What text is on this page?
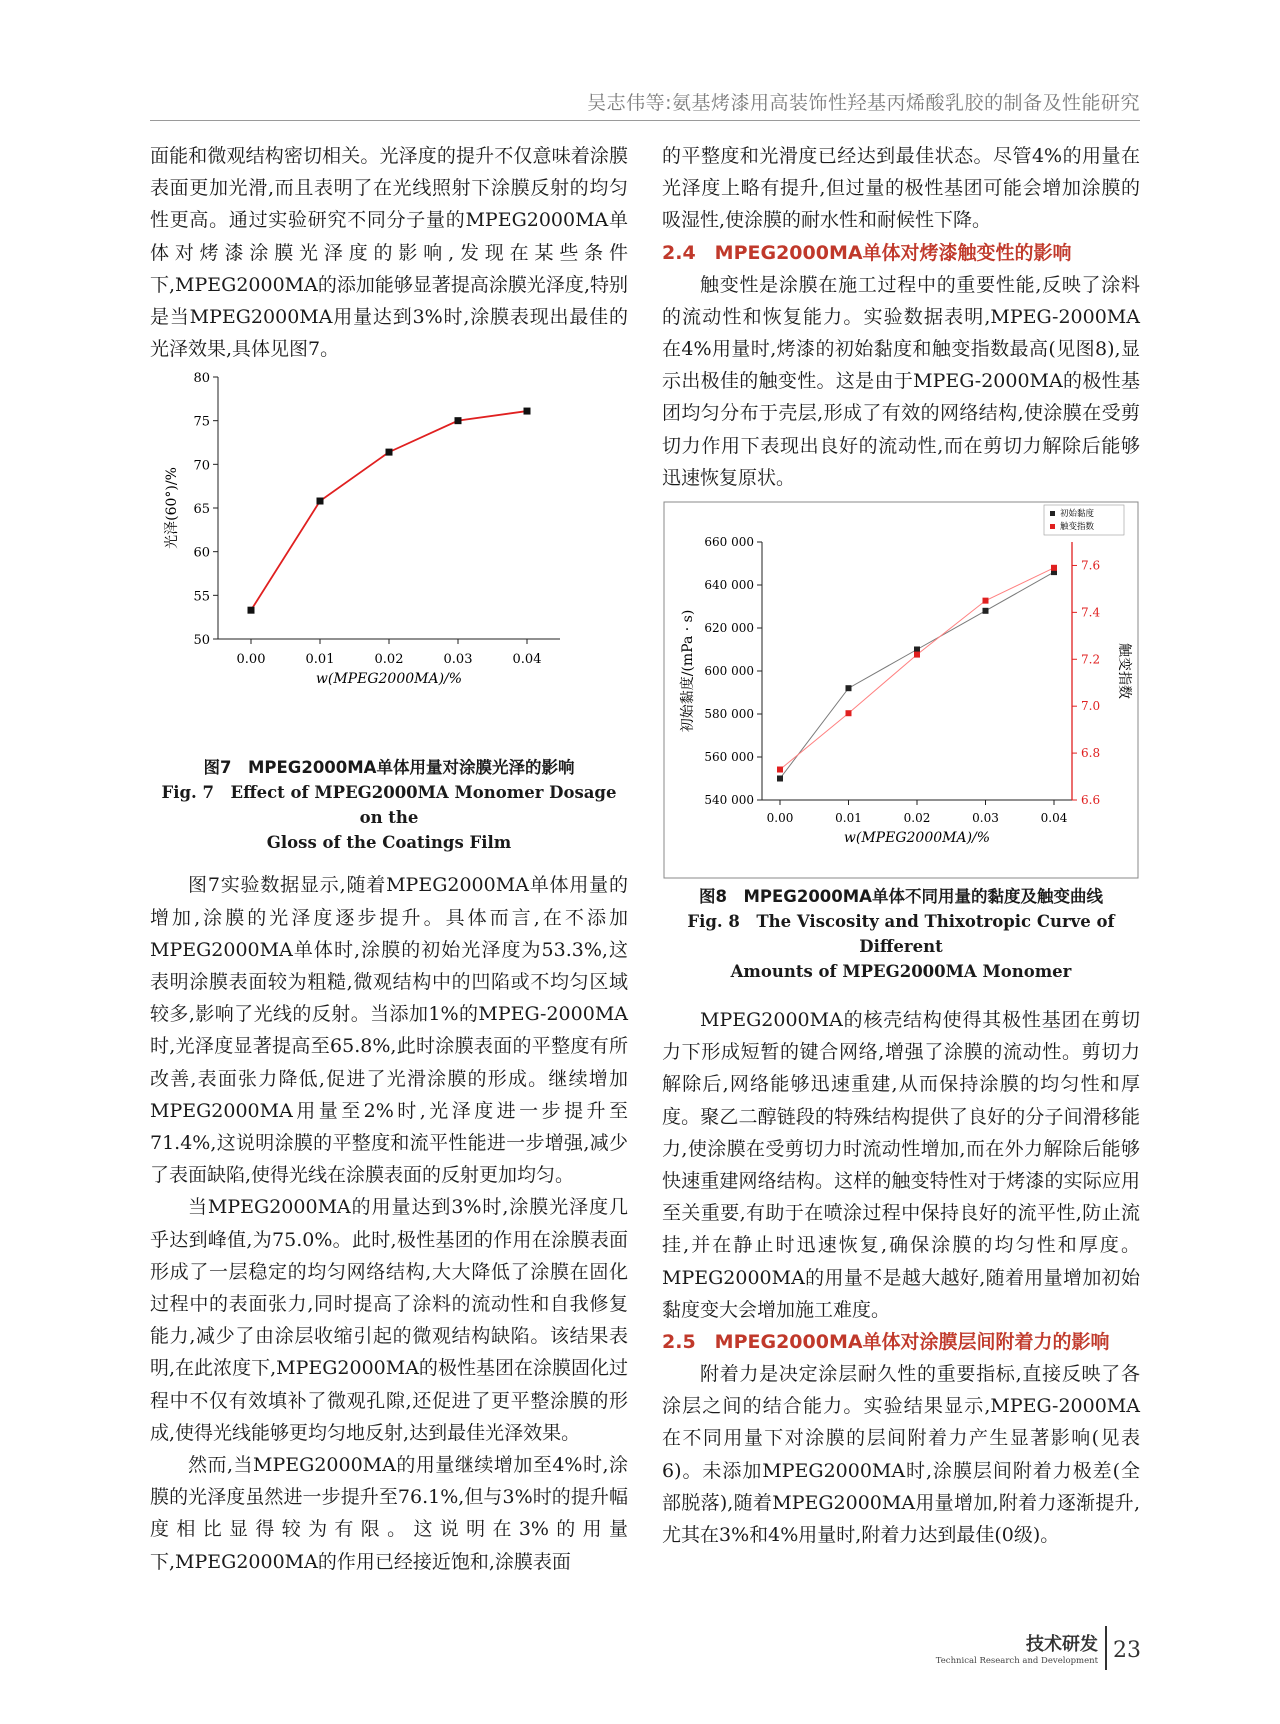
吴志伟等:氨基烤漆用高装饰性羟基丙烯酸乳胶的制备及性能研究

面能和微观结构密切相关。光泽度的提升不仅意味着涂膜表面更加光滑,而且表明了在光线照射下涂膜反射的均匀性更高。通过实验研究不同分子量的MPEG2000MA单体对烤漆涂膜光泽度的影响,发现在某些条件下,MPEG2000MA的添加能够显著提高涂膜光泽度,特别是当MPEG2000MA用量达到3%时,涂膜表现出最佳的光泽效果,具体见图7。

50
55
60
65
70
75
80
0.00	0.01	0.02	0.03	0.04
w(MPEG2000MA)/%
光泽(60°)/%
图7　MPEG2000MA单体用量对涂膜光泽的影响
Fig. 7　Effect of MPEG2000MA Monomer Dosage on the
Gloss of the Coatings Film

图7实验数据显示,随着MPEG2000MA单体用量的增加,涂膜的光泽度逐步提升。具体而言,在不添加MPEG2000MA单体时,涂膜的初始光泽度为53.3%,这表明涂膜表面较为粗糙,微观结构中的凹陷或不均匀区域较多,影响了光线的反射。当添加1%的MPEG-2000MA时,光泽度显著提高至65.8%,此时涂膜表面的平整度有所改善,表面张力降低,促进了光滑涂膜的形成。继续增加MPEG2000MA用量至2%时,光泽度进一步提升至71.4%,这说明涂膜的平整度和流平性能进一步增强,减少了表面缺陷,使得光线在涂膜表面的反射更加均匀。

当MPEG2000MA的用量达到3%时,涂膜光泽度几乎达到峰值,为75.0%。此时,极性基团的作用在涂膜表面形成了一层稳定的均匀网络结构,大大降低了涂膜在固化过程中的表面张力,同时提高了涂料的流动性和自我修复能力,减少了由涂层收缩引起的微观结构缺陷。该结果表明,在此浓度下,MPEG2000MA的极性基团在涂膜固化过程中不仅有效填补了微观孔隙,还促进了更平整涂膜的形成,使得光线能够更均匀地反射,达到最佳光泽效果。

然而,当MPEG2000MA的用量继续增加至4%时,涂膜的光泽度虽然进一步提升至76.1%,但与3%时的提升幅度相比显得较为有限。这说明在3%的用量下,MPEG2000MA的作用已经接近饱和,涂膜表面

的平整度和光滑度已经达到最佳状态。尽管4%的用量在光泽度上略有提升,但过量的极性基团可能会增加涂膜的吸湿性,使涂膜的耐水性和耐候性下降。

2.4　MPEG2000MA单体对烤漆触变性的影响

触变性是涂膜在施工过程中的重要性能,反映了涂料的流动性和恢复能力。实验数据表明,MPEG-2000MA在4%用量时,烤漆的初始黏度和触变指数最高(见图8),显示出极佳的触变性。这是由于MPEG-2000MA的极性基团均匀分布于壳层,形成了有效的网络结构,使涂膜在受剪切力作用下表现出良好的流动性,而在剪切力解除后能够迅速恢复原状。

540 000
560 000
580 000
600 000
620 000
640 000
660 000
6.6
6.8
7.0
7.2
7.4
7.6
0.00	0.01	0.02	0.03	0.04
w(MPEG2000MA)/%
初始黏度/(mPa · s)	触变指数
初始黏度
触变指数
图8　MPEG2000MA单体不同用量的黏度及触变曲线
Fig. 8　The Viscosity and Thixotropic Curve of Different
Amounts of MPEG2000MA Monomer

MPEG2000MA的核壳结构使得其极性基团在剪切力下形成短暂的键合网络,增强了涂膜的流动性。剪切力解除后,网络能够迅速重建,从而保持涂膜的均匀性和厚度。聚乙二醇链段的特殊结构提供了良好的分子间滑移能力,使涂膜在受剪切力时流动性增加,而在外力解除后能够快速重建网络结构。这样的触变特性对于烤漆的实际应用至关重要,有助于在喷涂过程中保持良好的流平性,防止流挂,并在静止时迅速恢复,确保涂膜的均匀性和厚度。MPEG2000MA的用量不是越大越好,随着用量增加初始黏度变大会增加施工难度。

2.5　MPEG2000MA单体对涂膜层间附着力的影响

附着力是决定涂层耐久性的重要指标,直接反映了各涂层之间的结合能力。实验结果显示,MPEG-2000MA在不同用量下对涂膜的层间附着力产生显著影响(见表6)。未添加MPEG2000MA时,涂膜层间附着力极差(全部脱落),随着MPEG2000MA用量增加,附着力逐渐提升,尤其在3%和4%用量时,附着力达到最佳(0级)。

技术研发
Technical Research and Development 23
